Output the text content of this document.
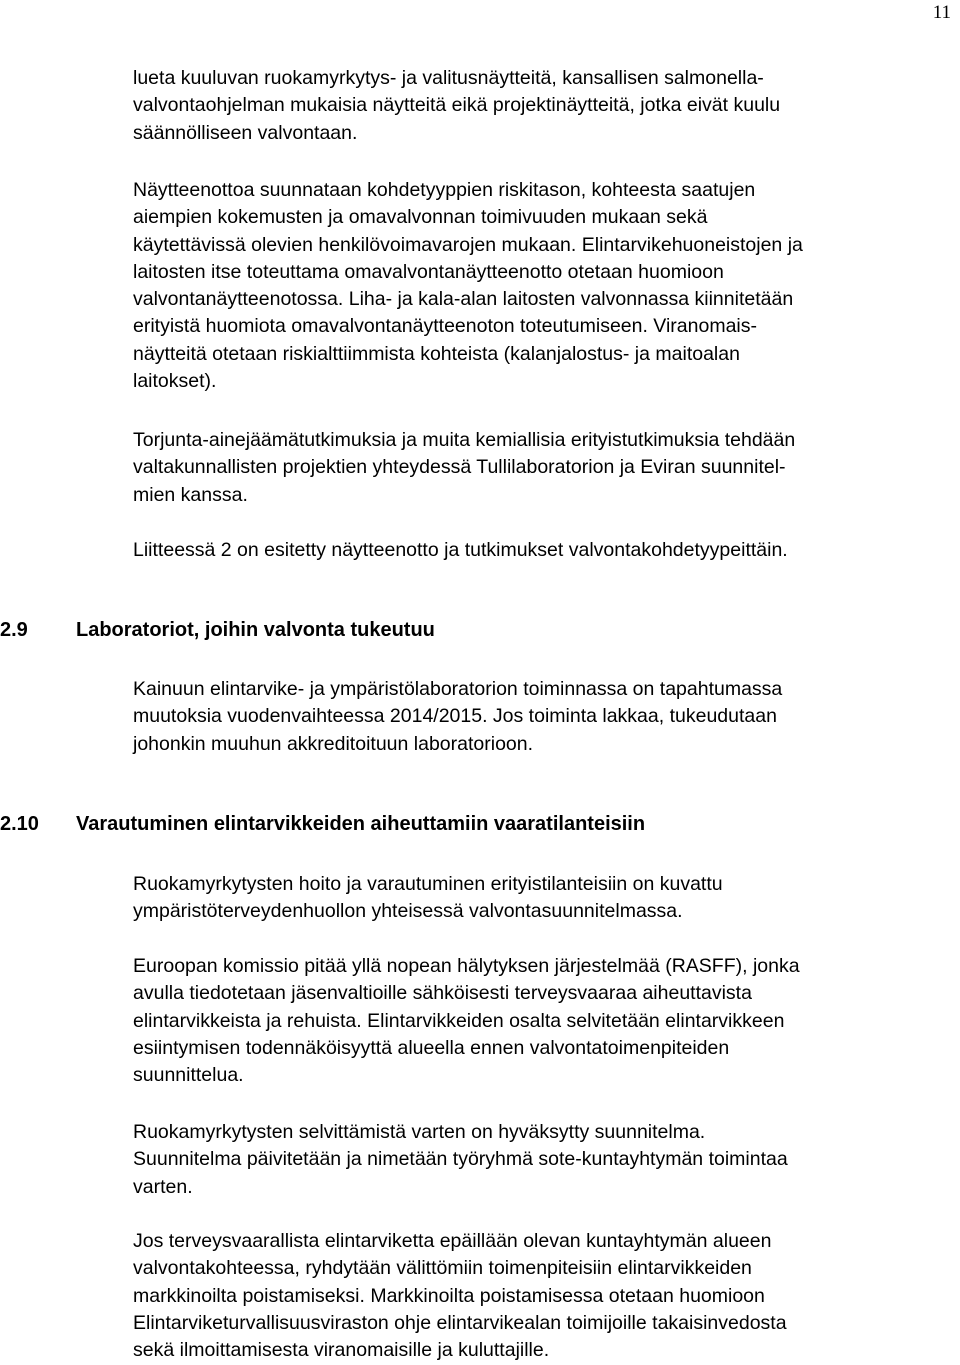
11
lueta kuuluvan ruokamyrkytys- ja valitusnäytteitä, kansallisen salmonella-
valvontaohjelman mukaisia näytteitä eikä projektinäytteitä, jotka eivät kuulu
säännölliseen valvontaan.
Näytteenottoa suunnataan kohdetyyppien riskitason, kohteesta saatujen
aiempien kokemusten ja omavalvonnan toimivuuden mukaan sekä
käytettävissä olevien henkilövoimavarojen mukaan. Elintarvikehuoneistojen ja
laitosten itse toteuttama omavalvontanäytteenotto otetaan huomioon
valvontanäytteenotossa. Liha- ja kala-alan laitosten valvonnassa kiinnitetään
erityistä huomiota omavalvontanäytteenoton toteutumiseen. Viranomais-
näytteitä otetaan riskialttiimmista kohteista (kalanjalostus- ja maitoalan
laitokset).
Torjunta-ainejäämätutkimuksia ja muita kemiallisia erityistutkimuksia tehdään
valtakunnallisten projektien yhteydessä Tullilaboratorion ja Eviran suunnitel-
mien kanssa.
Liitteessä 2 on esitetty näytteenotto ja tutkimukset valvontakohdetyypeittäin.
2.9 Laboratoriot, joihin valvonta tukeutuu
Kainuun elintarvike- ja ympäristölaboratorion toiminnassa on tapahtumassa
muutoksia vuodenvaihteessa 2014/2015. Jos toiminta lakkaa, tukeudutaan
johonkin muuhun akkreditoituun laboratorioon.
2.10 Varautuminen elintarvikkeiden aiheuttamiin vaaratilanteisiin
Ruokamyrkytysten hoito ja varautuminen erityistilanteisiin on kuvattu
ympäristöterveydenhuollon yhteisessä valvontasuunnitelmassa.
Euroopan komissio pitää yllä nopean hälytyksen järjestelmää (RASFF), jonka
avulla tiedotetaan jäsenvaltioille sähköisesti terveysvaaraa aiheuttavista
elintarvikkeista ja rehuista. Elintarvikkeiden osalta selvitetään elintarvikkeen
esiintymisen todennäköisyyttä alueella ennen valvontatoimenpiteiden
suunnittelua.
Ruokamyrkytysten selvittämistä varten on hyväksytty suunnitelma.
Suunnitelma päivitetään ja nimetään työryhmä sote-kuntayhtymän toimintaa
varten.
Jos terveysvaarallista elintarviketta epäillään olevan kuntayhtymän alueen
valvontakohteessa, ryhdytään välittömiin toimenpiteisiin elintarvikkeiden
markkinoilta poistamiseksi. Markkinoilta poistamisessa otetaan huomioon
Elintarviketurvallisuusviraston ohje elintarvikealan toimijoille takaisinvedosta
sekä ilmoittamisesta viranomaisille ja kuluttajille.
